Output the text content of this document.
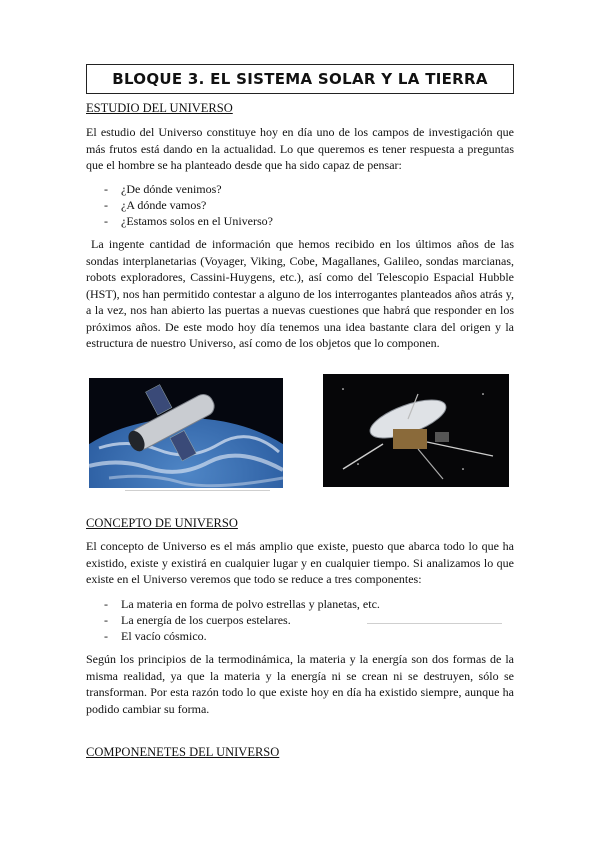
BLOQUE 3. EL SISTEMA SOLAR Y LA TIERRA
ESTUDIO DEL UNIVERSO

El estudio del Universo constituye hoy en día uno de los campos de investigación que más frutos está dando en la actualidad. Lo que queremos es tener respuesta a preguntas que el hombre se ha planteado desde que ha sido capaz de pensar:

- ¿De dónde venimos?
- ¿A dónde vamos?
- ¿Estamos solos en el Universo?

La ingente cantidad de información que hemos recibido en los últimos años de las sondas interplanetarias (Voyager, Viking, Cobe, Magallanes, Galileo, sondas marcianas, robots exploradores, Cassini-Huygens, etc.), así como del Telescopio Espacial Hubble (HST), nos han permitido contestar a alguno de los interrogantes planteados años atrás y, a la vez, nos han abierto las puertas a nuevas cuestiones que habrá que responder en los próximos años. De este modo hoy día tenemos una idea bastante clara del origen y la estructura de nuestro Universo, así como de los objetos que lo componen.

CONCEPTO DE UNIVERSO

El concepto de Universo es el más amplio que existe, puesto que abarca todo lo que ha existido, existe y existirá en cualquier lugar y en cualquier tiempo. Si analizamos lo que existe en el Universo veremos que todo se reduce a tres componentes:

- La materia en forma de polvo estrellas y planetas, etc.
- La energía de los cuerpos estelares.
- El vacío cósmico.

Según los principios de la termodinámica, la materia y la energía son dos formas de la misma realidad, ya que la materia y la energía ni se crean ni se destruyen, sólo se transforman. Por esta razón todo lo que existe hoy en día ha existido siempre, aunque ha podido cambiar su forma.

COMPONENETES DEL UNIVERSO
